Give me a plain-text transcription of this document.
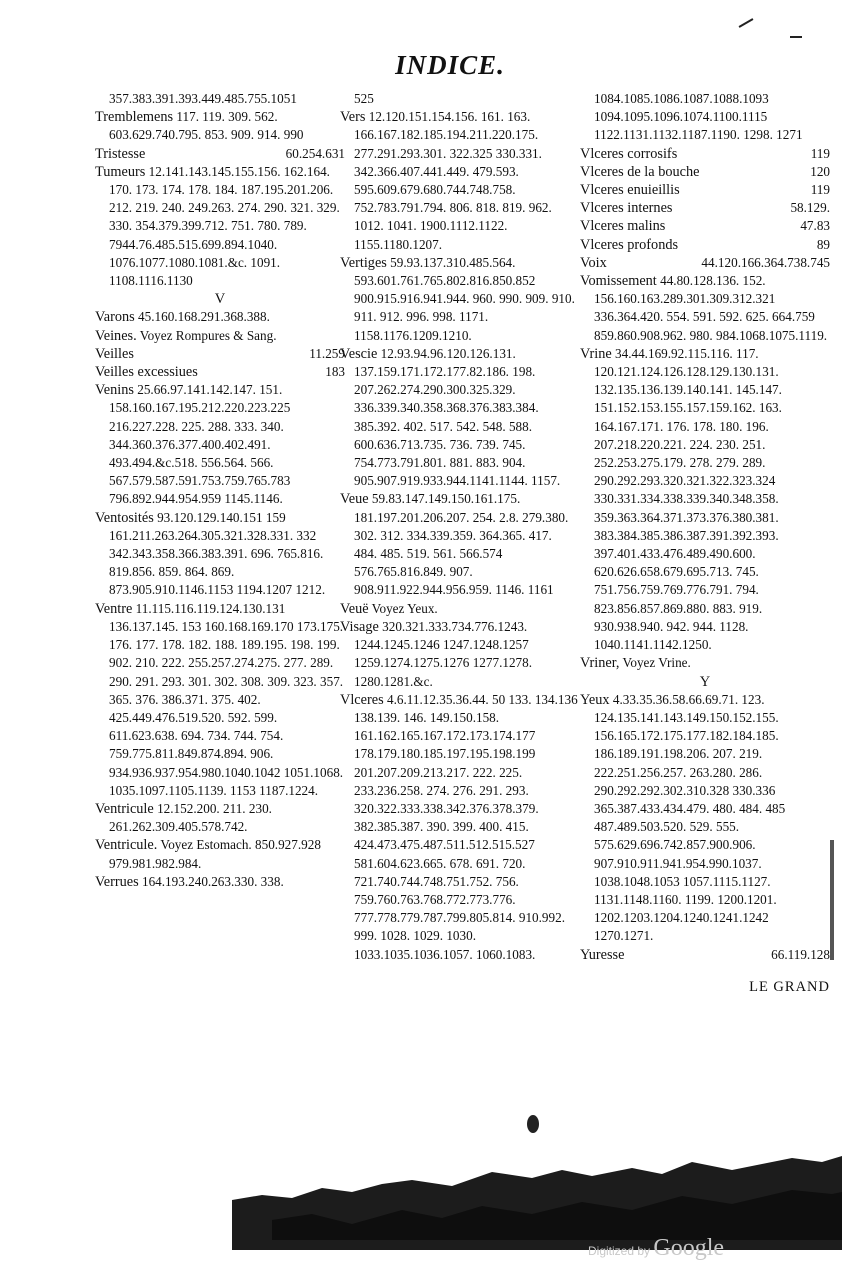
INDICE.

357.383.391.393.449.485.755.1051

Tremblemens 117. 119. 309. 562. 603.629.740.795. 853. 909. 914. 990

Tristesse	60.254.631

Tumeurs 12.141.143.145.155.156. 162.164. 170. 173. 174. 178. 184. 187.195.201.206. 212. 219. 240. 249.263. 274. 290. 321. 329. 330. 354.379.399.712. 751. 780. 789. 7944.76.485.515.699.894.1040. 1076.1077.1080.1081.&c. 1091. 1108.1116.1130

V

Varons 45.160.168.291.368.388.

Veines. Voyez Rompures & Sang.

Veilles	11.259

Veilles excessiues	183

Venins 25.66.97.141.142.147. 151. 158.160.167.195.212.220.223.225 216.227.228. 225. 288. 333. 340. 344.360.376.377.400.402.491. 493.494.&c.518. 556.564. 566. 567.579.587.591.753.759.765.783 796.892.944.954.959 1145.1146.

Ventosités 93.120.129.140.151 159 161.211.263.264.305.321.328.331. 332 342.343.358.366.383.391. 696. 765.816. 819.856. 859. 864. 869. 873.905.910.1146.1153 1194.1207 1212.

Ventre 11.115.116.119.124.130.131 136.137.145. 153 160.168.169.170 173.175. 176. 177. 178. 182. 188. 189.195. 198. 199. 902. 210. 222. 255.257.274.275. 277. 289. 290. 291. 293. 301. 302. 308. 309. 323. 357. 365. 376. 386.371. 375. 402. 425.449.476.519.520. 592. 599. 611.623.638. 694. 734. 744. 754. 759.775.811.849.874.894. 906. 934.936.937.954.980.1040.1042 1051.1068. 1035.1097.1105.1139. 1153 1187.1224.

Ventricule 12.152.200. 211. 230. 261.262.309.405.578.742.

Ventricule. Voyez Estomach. 850.927.928 979.981.982.984.

Verrues 164.193.240.263.330. 338.

525

Vers 12.120.151.154.156. 161. 163. 166.167.182.185.194.211.220.175. 277.291.293.301. 322.325 330.331. 342.366.407.441.449. 479.593. 595.609.679.680.744.748.758. 752.783.791.794. 806. 818. 819. 962. 1012. 1041. 1900.1112.1122. 1155.1180.1207.

Vertiges 59.93.137.310.485.564. 593.601.761.765.802.816.850.852 900.915.916.941.944. 960. 990. 909. 910. 911. 912. 996. 998. 1171. 1158.1176.1209.1210.

Vescie 12.93.94.96.120.126.131. 137.159.171.172.177.82.186. 198. 207.262.274.290.300.325.329. 336.339.340.358.368.376.383.384. 385.392. 402. 517. 542. 548. 588. 600.636.713.735. 736. 739. 745. 754.773.791.801. 881. 883. 904. 905.907.919.933.944.1141.1144. 1157.

Veue 59.83.147.149.150.161.175. 181.197.201.206.207. 254. 2.8. 279.380. 302. 312. 334.339.359. 364.365. 417. 484. 485. 519. 561. 566.574 576.765.816.849. 907. 908.911.922.944.956.959. 1146. 1161

Veuë Voyez Yeux.

Visage 320.321.333.734.776.1243. 1244.1245.1246 1247.1248.1257 1259.1274.1275.1276 1277.1278. 1280.1281.&c.

Vlceres 4.6.11.12.35.36.44. 50 133. 134.136 138.139. 146. 149.150.158. 161.162.165.167.172.173.174.177 178.179.180.185.197.195.198.199 201.207.209.213.217. 222. 225. 233.236.258. 274. 276. 291. 293. 320.322.333.338.342.376.378.379. 382.385.387. 390. 399. 400. 415. 424.473.475.487.511.512.515.527 581.604.623.665. 678. 691. 720. 721.740.744.748.751.752. 756. 759.760.763.768.772.773.776. 777.778.779.787.799.805.814. 910.992. 999. 1028. 1029. 1030. 1033.1035.1036.1057. 1060.1083.

1084.1085.1086.1087.1088.1093 1094.1095.1096.1074.1100.1115 1122.1131.1132.1187.1190. 1298. 1271

Vlceres corrosifs	119

Vlceres de la bouche	120

Vlceres enuieillis	119

Vlceres internes	58.129.

Vlceres malins	47.83

Vlceres profonds	89

Voix	44.120.166.364.738.745

Vomissement 44.80.128.136. 152. 156.160.163.289.301.309.312.321 336.364.420. 554. 591. 592. 625. 664.759 859.860.908.962. 980. 984.1068.1075.1119.

Vrine 34.44.169.92.115.116. 117. 120.121.124.126.128.129.130.131. 132.135.136.139.140.141. 145.147. 151.152.153.155.157.159.162. 163. 164.167.171. 176. 178. 180. 196. 207.218.220.221. 224. 230. 251. 252.253.275.179. 278. 279. 289. 290.292.293.320.321.322.323.324 330.331.334.338.339.340.348.358. 359.363.364.371.373.376.380.381. 383.384.385.386.387.391.392.393. 397.401.433.476.489.490.600. 620.626.658.679.695.713. 745. 751.756.759.769.776.791. 794. 823.856.857.869.880. 883. 919. 930.938.940. 942. 944. 1128. 1040.1141.1142.1250.

Vriner, Voyez Vrine.

Y

Yeux 4.33.35.36.58.66.69.71. 123. 124.135.141.143.149.150.152.155. 156.165.172.175.177.182.184.185. 186.189.191.198.206. 207. 219. 222.251.256.257. 263.280. 286. 290.292.292.302.310.328 330.336 365.387.433.434.479. 480. 484. 485 487.489.503.520. 529. 555. 575.629.696.742.857.900.906. 907.910.911.941.954.990.1037. 1038.1048.1053 1057.1115.1127. 1131.1148.1160. 1199. 1200.1201. 1202.1203.1204.1240.1241.1242 1270.1271.

Yuresse	66.119.128

LE GRAND

Digitized by Google
